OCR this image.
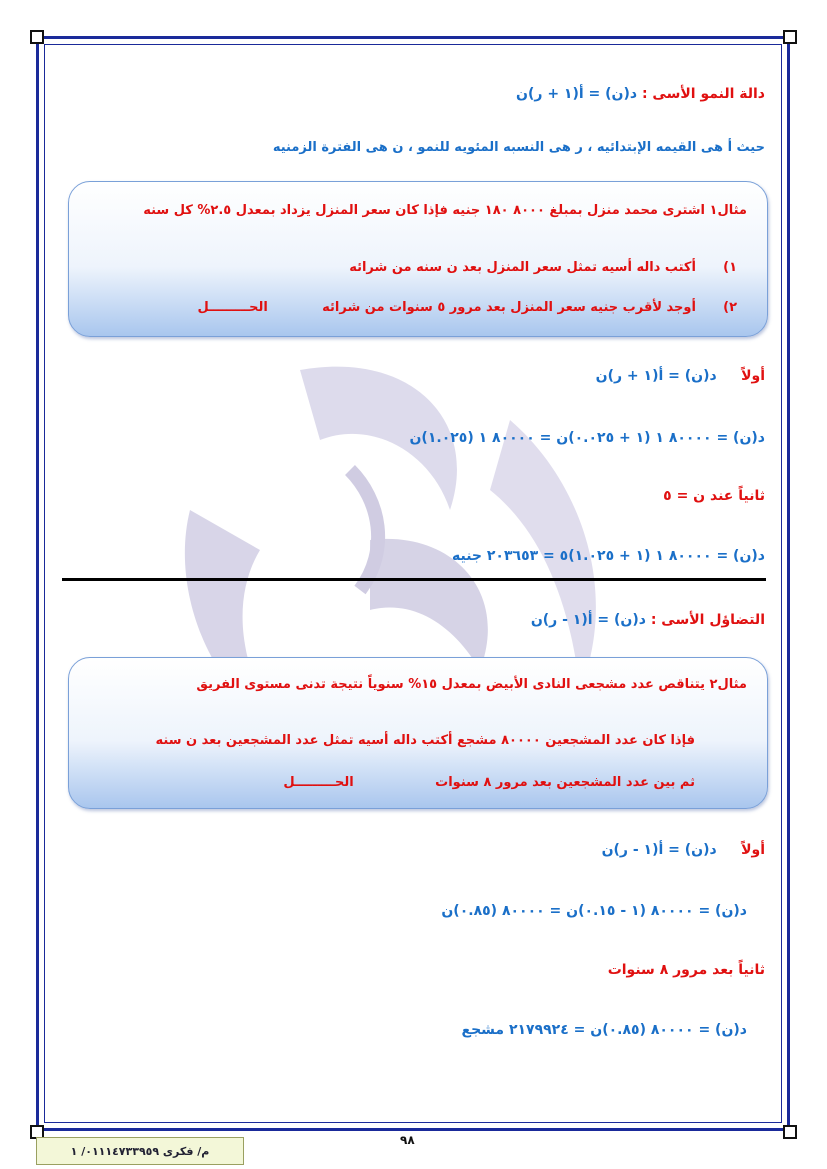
دالة النمو الأسى : د(ن) = أ(١ + ر)ن
حيث أ هى القيمه الإبتدائيه ، ر هى النسبه المئويه للنمو ، ن هى الفترة الزمنيه
مثال١ اشترى محمد منزل بمبلغ ٨٠٠٠ ١٨٠ جنيه فإذا كان سعر المنزل يزداد بمعدل ٢.٥% كل سنه
١)      أكتب داله أسيه تمثل سعر المنزل بعد ن سنه من شرائه
٢)      أوجد لأقرب جنيه سعر المنزل بعد مرور ٥ سنوات من شرائه            الحـــــــــل
أولاً     د(ن) = أ(١ + ر)ن
د(ن) = ٨٠٠٠٠ ١ (١ + ٠.٠٢٥)ن = ٨٠٠٠٠ ١ (١.٠٢٥)ن
ثانياً عند ن = ٥
د(ن) = ٨٠٠٠٠ ١ (١ + ١.٠٢٥)٥ = ٢٠٣٦٥٣ جنيه
التضاؤل الأسى : د(ن) = أ(١ - ر)ن
مثال٢ يتناقص عدد مشجعى النادى الأبيض بمعدل ١٥% سنوياً نتيجة تدنى مستوى الفريق
فإذا كان عدد المشجعين ٨٠٠٠٠ مشجع أكتب داله أسيه تمثل عدد المشجعين بعد ن سنه
ثم بين عدد المشجعين بعد مرور ٨ سنوات                  الحـــــــــل
أولاً     د(ن) = أ(١ - ر)ن
د(ن) = ٨٠٠٠٠ (١ - ٠.١٥)ن = ٨٠٠٠٠ (٠.٨٥)ن
ثانياً بعد مرور ٨ سنوات
د(ن) = ٨٠٠٠٠ (٠.٨٥)ن = ٢١٧٩٩٢٤ مشجع
٩٨
م/ فكرى ٠١١١٤٧٣٣٩٥٩/ ١
